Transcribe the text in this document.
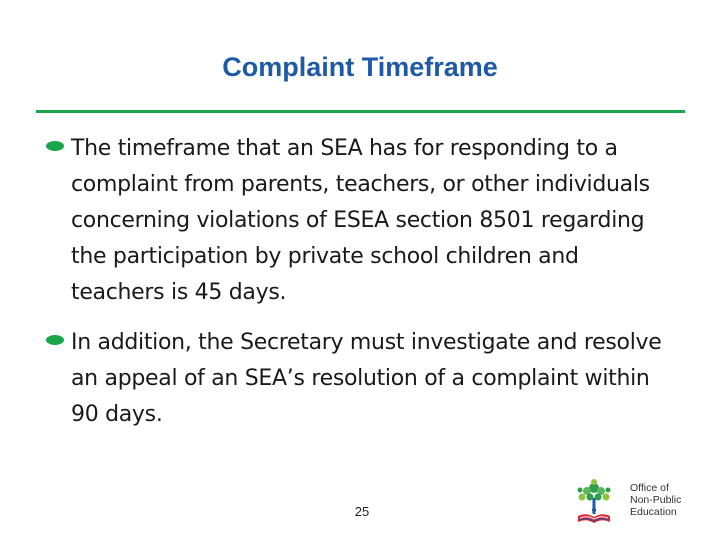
Complaint Timeframe
The timeframe that an SEA has for responding to a complaint from parents, teachers, or other individuals concerning violations of ESEA section 8501 regarding the participation by private school children and teachers is 45 days.
In addition, the Secretary must investigate and resolve an appeal of an SEA’s resolution of a complaint within 90 days.
25
Office of
Non-Public
Education
